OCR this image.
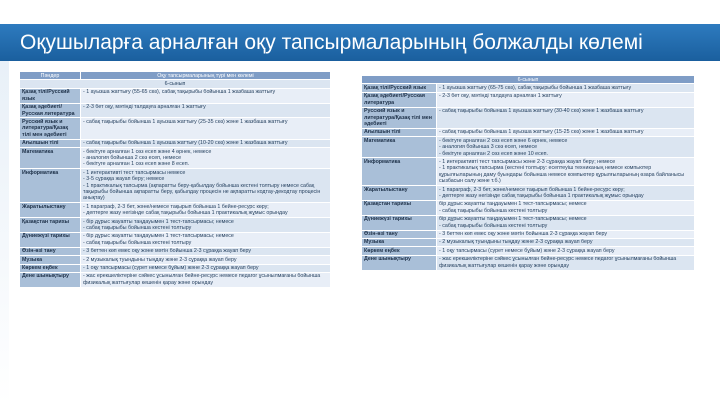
Оқушыларға арналған оқу тапсырмаларының болжалды көлемі
Пәндер	Оқу тапсырмаларының түрі мен көлемі
6-сынып	
Қазақ тілі/Русский язык	- 1 ауызша жаттығу (55-65 сөз), сабақ тақырыбы бойынша 1 жазбаша жаттығу

Қазақ әдебиеті/Русская литература	- 2-3 бет оқу, мәтінді талдауға арналған 1 жаттығу

Русский язык и литература/Қазақ тілі мен әдебиеті	- сабақ тақырыбы бойынша 1 ауызша жаттығу (25-35 сөз) және 1 жазбаша жаттығу

Ағылшын тілі	- сабақ тақырыбы бойынша 1 ауызша жаттығу (10-20 сөз) және 1 жазбаша жаттығу

Математика	- бекітуге арналған 1 сөз есеп және 4 өрнек, немесе
- аналогия бойынша 2 сөз есеп, немесе
- бекітуге арналған 1 сөз есеп және 8 есеп.

Информатика	- 1 интерактивті тест тапсырмасы немесе
- 3-5 сұраққа жауап беру; немесе
- 1 практикалық тапсырма (ақпаратты беру-қабылдау бойынша кестені толтыру немесе сабақ тақырыбы бойынша ақпаратты беру, қабылдау процесін не ақпаратты кодтау-декодтау процесін анықтау)

Жаратылыстану	- 1 параграф, 2-3 бет, және/немесе тақырып бойынша 1 бейне-ресурс көру;
- дептерге жазу негізінде сабақ тақырыбы бойынша 1 практикалық жұмыс орындау

Қазақстан тарихы	- бір дұрыс жауапты таңдауымен 1 тест-тапсырмасы; немесе
- сабақ тақырыбы бойынша кестені толтыру

Дүниежүзі тарихы	- бір дұрыс жауапты таңдауымен 1 тест-тапсырмасы; немесе
- сабақ тақырыбы бойынша кестені толтыру

Өзін-өзі тану	- 3 беттен көп емес оқу және мәтін бойынша 2-3 сұраққа жауап беру

Музыка	- 2 музыкалық туындыны тыңдау және 2-3 сұраққа жауап беру

Көркем еңбек	- 1 оқу тапсырмасы (сурет немесе бұйым) және 2-3 сұраққа жауап беру

Дене шынықтыру	- жас ерекшеліктеріне сәйкес ұсынылған бейне-ресурс немесе педагог ұсынылмағаны бойынша физикалық жаттығулар кешенін қарау және орындау
6-сынып	
Қазақ тілі/Русский язык	- 1 ауызша жаттығу (65-75 сөз), сабақ тақырыбы бойынша 1 жазбаша жаттығу

Қазақ әдебиеті/Русская литература	- 2-3 бет оқу, мәтінді талдауға арналған 1 жаттығу

Русский язык и литература/Қазақ тілі мен әдебиеті	- сабақ тақырыбы бойынша 1 ауызша жаттығу (30-40 сөз) және 1 жазбаша жаттығу

Ағылшын тілі	- сабақ тақырыбы бойынша 1 ауызша жаттығу (15-25 сөз) және 1 жазбаша жаттығу

Математика	- бекітуге арналған 2 сөз есеп және 6 өрнек, немесе
- аналогия бойынша 3 сөз есеп, немесе
- бекітуге арналған 2 сөз есеп және 10 есеп.

Информатика	- 1 интерактивті тест тапсырмасы және 2-3 сұраққа жауап беру; немесе
- 1 практикалық тапсырма (кестені толтыру: есептеуіш техниканың немесе компьютер құрылғыларының даму буындары бойынша немесе компьютер құрылғыларының өзара байланысы сызбасын салу және т.б.)

Жаратылыстану	- 1 параграф, 2-3 бет, және/немесе тақырып бойынша 1 бейне-ресурс көру;
- дептерге жазу негізінде сабақ тақырыбы бойынша 1 практикалық жұмыс орындау

Қазақстан тарихы	бір дұрыс жауапты таңдауымен 1 тест-тапсырмасы; немесе
- сабақ тақырыбы бойынша кестені толтыру

Дүниежүзі тарихы	бір дұрыс жауапты таңдауымен 1 тест-тапсырмасы; немесе
- сабақ тақырыбы бойынша кестені толтыру

Өзін-өзі тану	- 3 беттен көп емес оқу және мәтін бойынша 2-3 сұраққа жауап беру

Музыка	- 2 музыкалық туындыны тыңдау және 2-3 сұраққа жауап беру

Көркем еңбек	- 1 оқу тапсырмасы (сурет немесе бұйым) және 2-3 сұраққа жауап беру

Дене шынықтыру	- жас ерекшеліктеріне сәйкес ұсынылған бейне-ресурс немесе педагог ұсынылмағаны бойынша физикалық жаттығулар кешенін қарау және орындау
